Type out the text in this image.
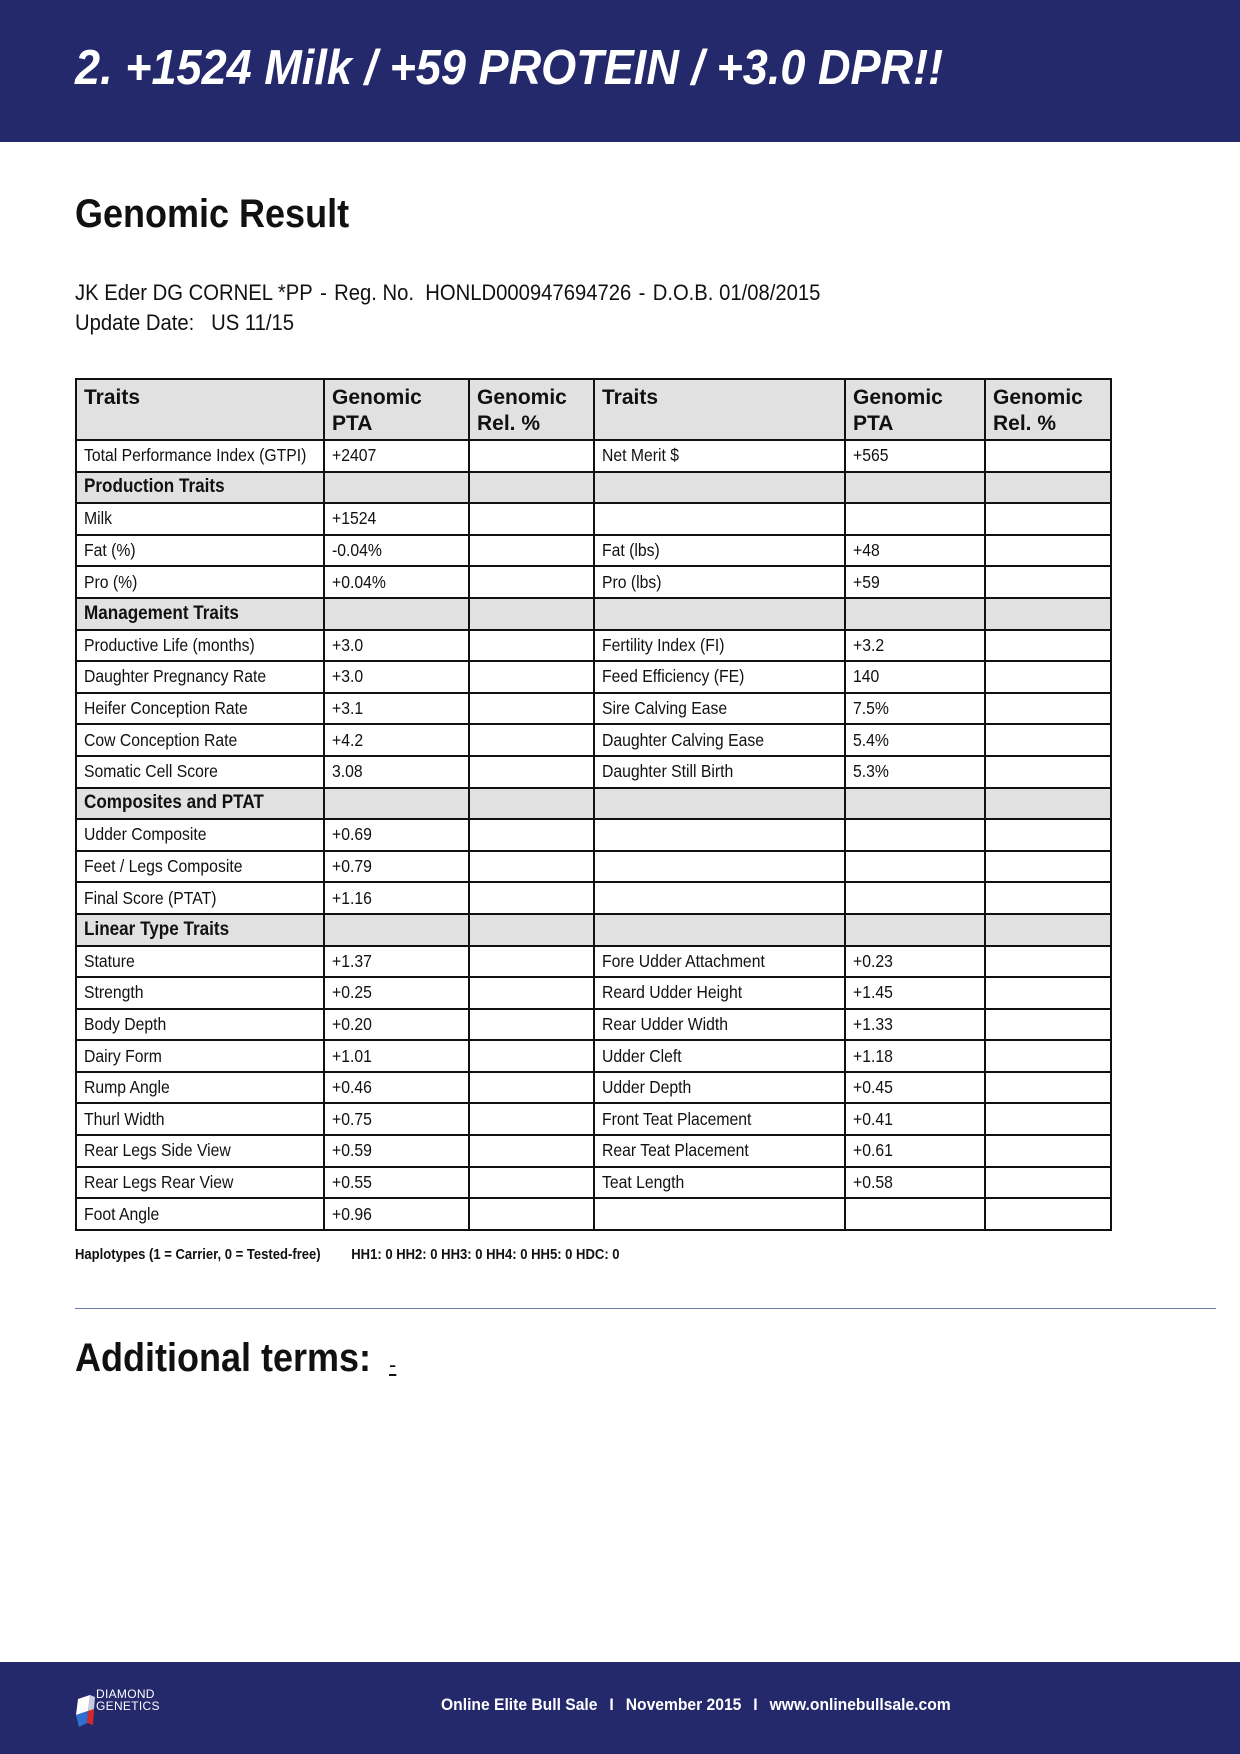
2. +1524 Milk / +59 PROTEIN / +3.0 DPR!!
Genomic Result
JK Eder DG CORNEL *PP - Reg. No. HONLD000947694726 - D.O.B. 01/08/2015
Update Date: US 11/15
Traits	Genomic PTA	Genomic Rel. %	Traits	Genomic PTA	Genomic Rel. %
Total Performance Index (GTPI)	+2407		Net Merit $	+565	
Production Traits					
Milk	+1524				
Fat (%)	-0.04%		Fat (lbs)	+48	
Pro (%)	+0.04%		Pro (lbs)	+59	
Management Traits					
Productive Life (months)	+3.0		Fertility Index (FI)	+3.2	
Daughter Pregnancy Rate	+3.0		Feed Efficiency (FE)	140	
Heifer Conception Rate	+3.1		Sire Calving Ease	7.5%	
Cow Conception Rate	+4.2		Daughter Calving Ease	5.4%	
Somatic Cell Score	3.08		Daughter Still Birth	5.3%	
Composites and PTAT					
Udder Composite	+0.69				
Feet / Legs Composite	+0.79				
Final Score (PTAT)	+1.16				
Linear Type Traits					
Stature	+1.37		Fore Udder Attachment	+0.23	
Strength	+0.25		Reard Udder Height	+1.45	
Body Depth	+0.20		Rear Udder Width	+1.33	
Dairy Form	+1.01		Udder Cleft	+1.18	
Rump Angle	+0.46		Udder Depth	+0.45	
Thurl Width	+0.75		Front Teat Placement	+0.41	
Rear Legs Side View	+0.59		Rear Teat Placement	+0.61	
Rear Legs Rear View	+0.55		Teat Length	+0.58	
Foot Angle	+0.96				
Haplotypes (1 = Carrier, 0 = Tested-free) HH1: 0 HH2: 0 HH3: 0 HH4: 0 HH5: 0 HDC: 0
Additional terms: -
DIAMOND
GENETICS	Online Elite Bull Sale I November 2015 I www.onlinebullsale.com
